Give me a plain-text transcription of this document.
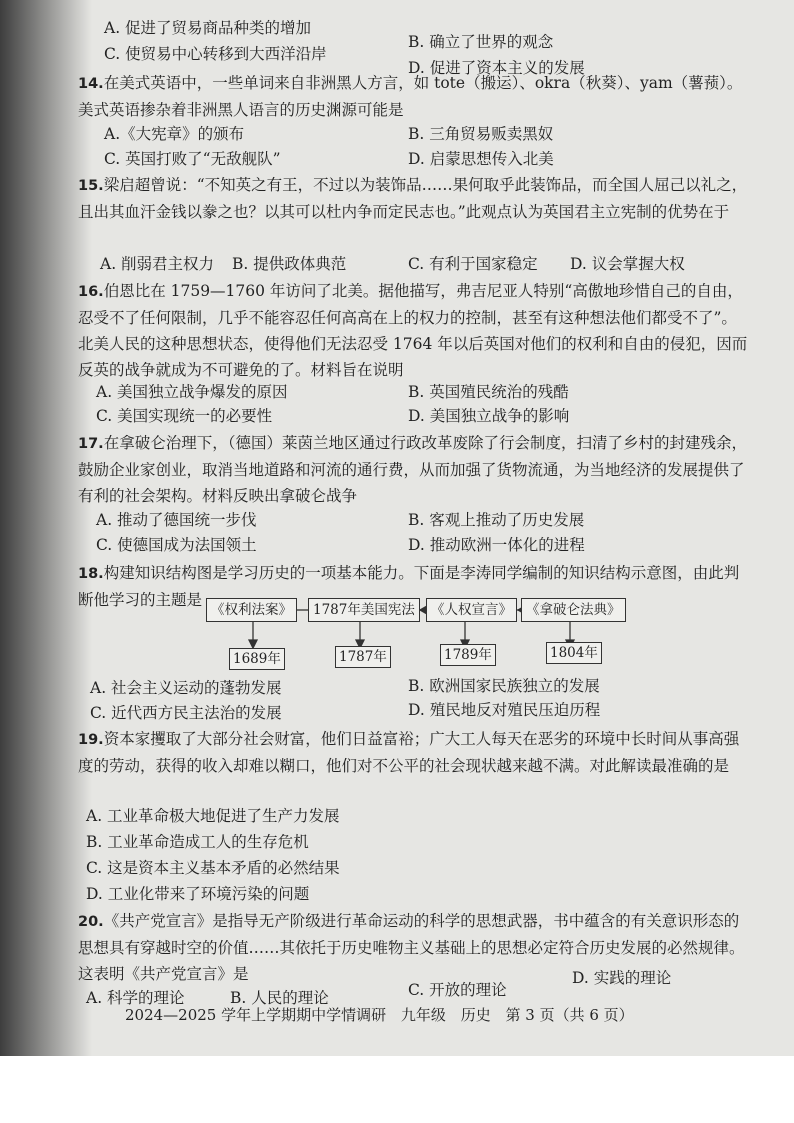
A. 促进了贸易商品种类的增加
B. 确立了世界的观念
C. 使贸易中心转移到大西洋沿岸
D. 促进了资本主义的发展
14.在美式英语中，一些单词来自非洲黑人方言，如 tote（搬运）、okra（秋葵）、yam（薯蓣）。美式英语掺杂着非洲黑人语言的历史渊源可能是
A.《大宪章》的颁布	B. 三角贸易贩卖黑奴
C. 英国打败了“无敌舰队”	D. 启蒙思想传入北美
15.梁启超曾说：“不知英之有王，不过以为装饰品……果何取乎此装饰品，而全国人屈己以礼之，且出其血汗金钱以豢之也？以其可以杜内争而定民志也。”此观点认为英国君主立宪制的优势在于
A. 削弱君主权力 B. 提供政体典范	C. 有利于国家稳定 D. 议会掌握大权
16.伯恩比在 1759—1760 年访问了北美。据他描写，弗吉尼亚人特别“高傲地珍惜自己的自由，忍受不了任何限制，几乎不能容忍任何高高在上的权力的控制，甚至有这种想法他们都受不了”。北美人民的这种思想状态，使得他们无法忍受 1764 年以后英国对他们的权利和自由的侵犯，因而反英的战争就成为不可避免的了。材料旨在说明
A. 美国独立战争爆发的原因	B. 英国殖民统治的残酷
C. 美国实现统一的必要性	D. 美国独立战争的影响
17.在拿破仑治理下，（德国）莱茵兰地区通过行政改革废除了行会制度，扫清了乡村的封建残余，鼓励企业家创业，取消当地道路和河流的通行费，从而加强了货物流通，为当地经济的发展提供了有利的社会架构。材料反映出拿破仑战争
A. 推动了德国统一步伐	B. 客观上推动了历史发展
C. 使德国成为法国领土	D. 推动欧洲一体化的进程
18.构建知识结构图是学习历史的一项基本能力。下面是李涛同学编制的知识结构示意图，由此判断他学习的主题是
《权利法案》	1787年美国宪法	《人权宣言》	《拿破仑法典》
1689年	1787年	1789年	1804年
A. 社会主义运动的蓬勃发展	B. 欧洲国家民族独立的发展
C. 近代西方民主法治的发展	D. 殖民地反对殖民压迫历程
19.资本家攫取了大部分社会财富，他们日益富裕；广大工人每天在恶劣的环境中长时间从事高强度的劳动，获得的收入却难以糊口，他们对不公平的社会现状越来越不满。对此解读最准确的是
A. 工业革命极大地促进了生产力发展
B. 工业革命造成工人的生存危机
C. 这是资本主义基本矛盾的必然结果
D. 工业化带来了环境污染的问题
20.《共产党宣言》是指导无产阶级进行革命运动的科学的思想武器，书中蕴含的有关意识形态的思想具有穿越时空的价值……其依托于历史唯物主义基础上的思想必定符合历史发展的必然规律。这表明《共产党宣言》是
A. 科学的理论	B. 人民的理论	C. 开放的理论
D. 实践的理论
2024—2025 学年上学期期中学情调研 九年级 历史 第 3 页（共 6 页）
